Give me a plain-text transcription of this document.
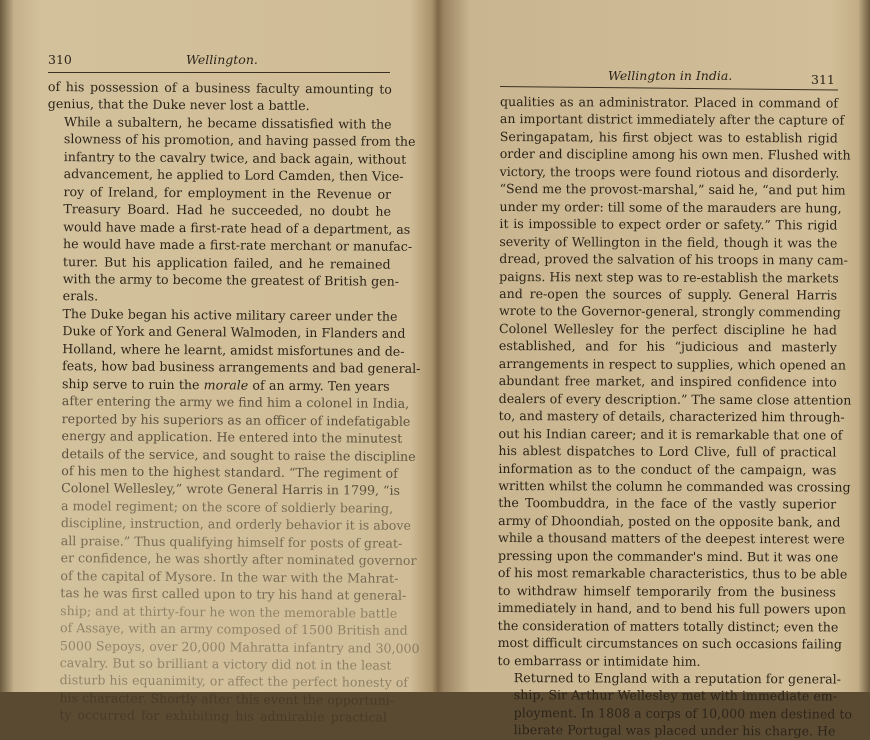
310	Wellington.

of his possession of a business faculty amounting to
genius, that the Duke never lost a battle.

While a subaltern, he became dissatisfied with the
slowness of his promotion, and having passed from the
infantry to the cavalry twice, and back again, without
advancement, he applied to Lord Camden, then Vice-
roy of Ireland, for employment in the Revenue or
Treasury Board. Had he succeeded, no doubt he
would have made a first-rate head of a department, as
he would have made a first-rate merchant or manufac-
turer. But his application failed, and he remained
with the army to become the greatest of British gen-
erals.

The Duke began his active military career under the
Duke of York and General Walmoden, in Flanders and
Holland, where he learnt, amidst misfortunes and de-
feats, how bad business arrangements and bad general-
ship serve to ruin the morale of an army. Ten years
after entering the army we find him a colonel in India,
reported by his superiors as an officer of indefatigable
energy and application. He entered into the minutest
details of the service, and sought to raise the discipline
of his men to the highest standard. “The regiment of
Colonel Wellesley,” wrote General Harris in 1799, “is
a model regiment; on the score of soldierly bearing,
discipline, instruction, and orderly behavior it is above
all praise.” Thus qualifying himself for posts of great-
er confidence, he was shortly after nominated governor
of the capital of Mysore. In the war with the Mahrat-
tas he was first called upon to try his hand at general-
ship; and at thirty-four he won the memorable battle
of Assaye, with an army composed of 1500 British and
5000 Sepoys, over 20,000 Mahratta infantry and 30,000
cavalry. But so brilliant a victory did not in the least
disturb his equanimity, or affect the perfect honesty of
his character. Shortly after this event the opportuni-
ty occurred for exhibiting his admirable practical

Wellington in India.	311

qualities as an administrator. Placed in command of
an important district immediately after the capture of
Seringapatam, his first object was to establish rigid
order and discipline among his own men. Flushed with
victory, the troops were found riotous and disorderly.
“Send me the provost-marshal,” said he, “and put him
under my order: till some of the marauders are hung,
it is impossible to expect order or safety.” This rigid
severity of Wellington in the field, though it was the
dread, proved the salvation of his troops in many cam-
paigns. His next step was to re-establish the markets
and re-open the sources of supply. General Harris
wrote to the Governor-general, strongly commending
Colonel Wellesley for the perfect discipline he had
established, and for his “judicious and masterly
arrangements in respect to supplies, which opened an
abundant free market, and inspired confidence into
dealers of every description.” The same close attention
to, and mastery of details, characterized him through-
out his Indian career; and it is remarkable that one of
his ablest dispatches to Lord Clive, full of practical
information as to the conduct of the campaign, was
written whilst the column he commanded was crossing
the Toombuddra, in the face of the vastly superior
army of Dhoondiah, posted on the opposite bank, and
while a thousand matters of the deepest interest were
pressing upon the commander's mind. But it was one
of his most remarkable characteristics, thus to be able
to withdraw himself temporarily from the business
immediately in hand, and to bend his full powers upon
the consideration of matters totally distinct; even the
most difficult circumstances on such occasions failing
to embarrass or intimidate him.

Returned to England with a reputation for general-
ship, Sir Arthur Wellesley met with immediate em-
ployment. In 1808 a corps of 10,000 men destined to
liberate Portugal was placed under his charge. He
